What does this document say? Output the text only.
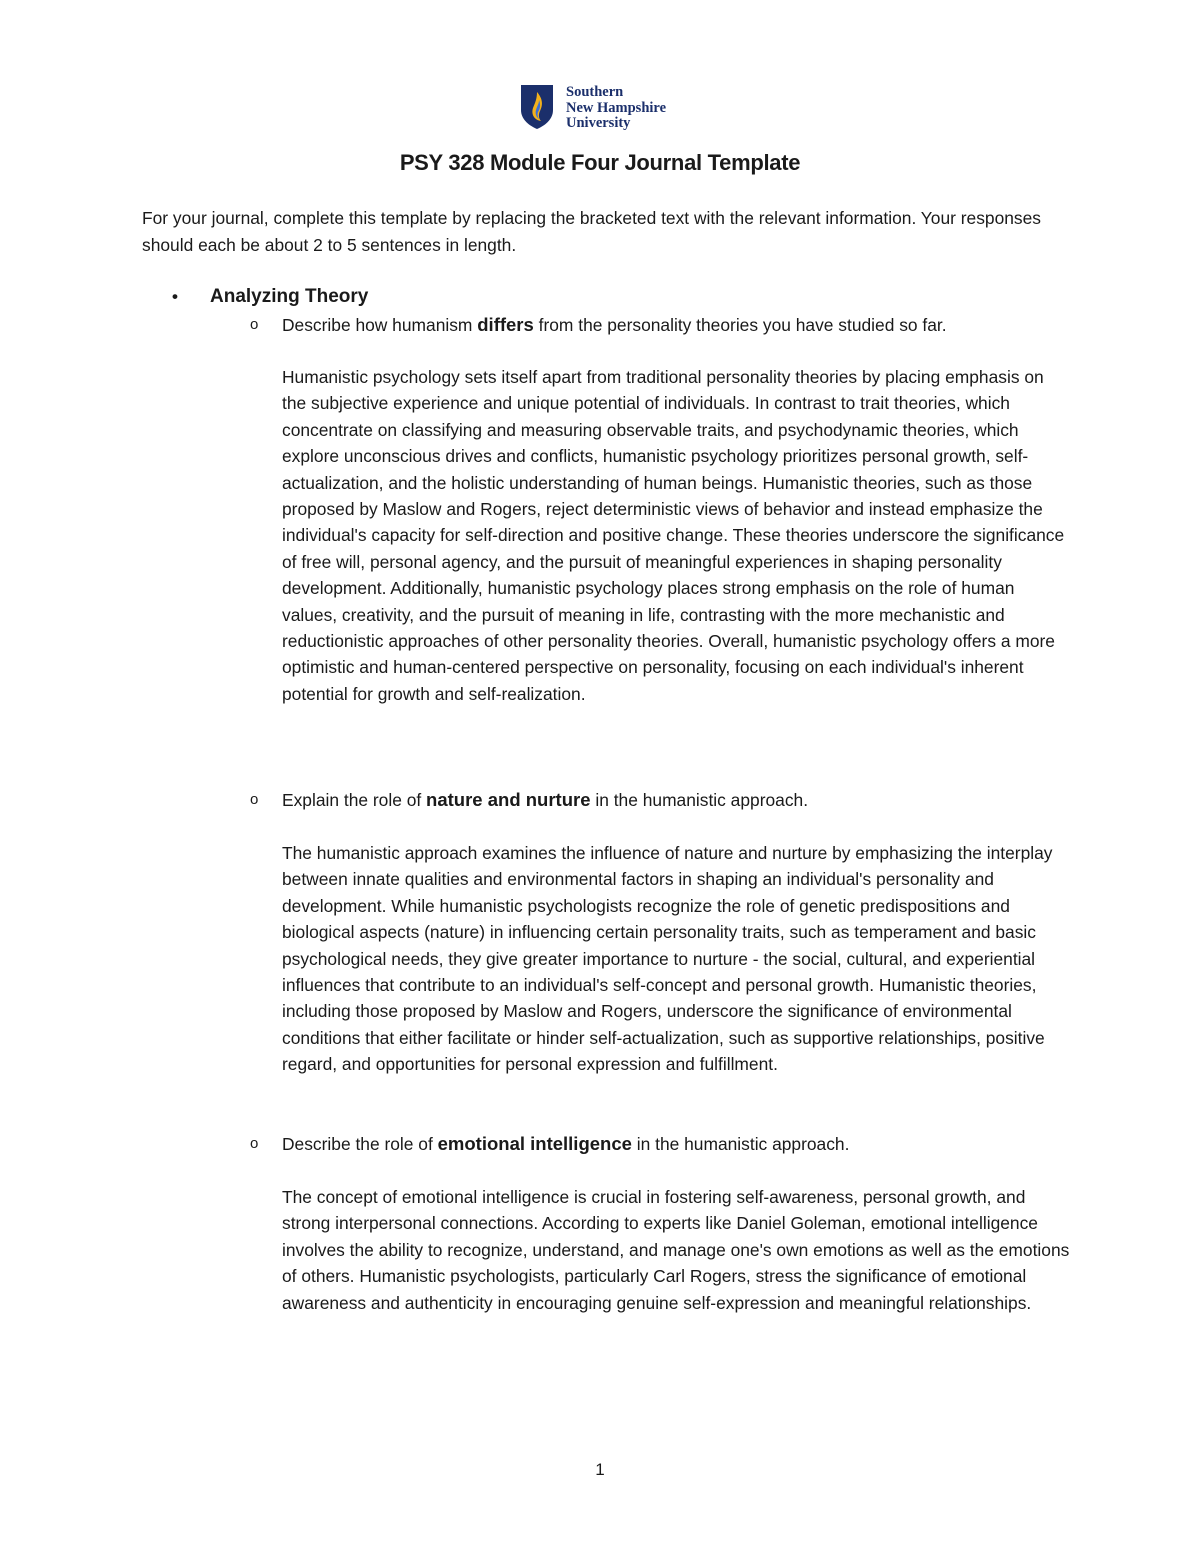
Southern
New Hampshire
University
PSY 328 Module Four Journal Template

For your journal, complete this template by replacing the bracketed text with the relevant information. Your responses should each be about 2 to 5 sentences in length.

• Analyzing Theory
o Describe how humanism differs from the personality theories you have studied so far.

Humanistic psychology sets itself apart from traditional personality theories by placing emphasis on the subjective experience and unique potential of individuals. In contrast to trait theories, which concentrate on classifying and measuring observable traits, and psychodynamic theories, which explore unconscious drives and conflicts, humanistic psychology prioritizes personal growth, self-actualization, and the holistic understanding of human beings. Humanistic theories, such as those proposed by Maslow and Rogers, reject deterministic views of behavior and instead emphasize the individual's capacity for self-direction and positive change. These theories underscore the significance of free will, personal agency, and the pursuit of meaningful experiences in shaping personality development. Additionally, humanistic psychology places strong emphasis on the role of human values, creativity, and the pursuit of meaning in life, contrasting with the more mechanistic and reductionistic approaches of other personality theories. Overall, humanistic psychology offers a more optimistic and human-centered perspective on personality, focusing on each individual's inherent potential for growth and self-realization.

o Explain the role of nature and nurture in the humanistic approach.

The humanistic approach examines the influence of nature and nurture by emphasizing the interplay between innate qualities and environmental factors in shaping an individual's personality and development. While humanistic psychologists recognize the role of genetic predispositions and biological aspects (nature) in influencing certain personality traits, such as temperament and basic psychological needs, they give greater importance to nurture - the social, cultural, and experiential influences that contribute to an individual's self-concept and personal growth. Humanistic theories, including those proposed by Maslow and Rogers, underscore the significance of environmental conditions that either facilitate or hinder self-actualization, such as supportive relationships, positive regard, and opportunities for personal expression and fulfillment.

o Describe the role of emotional intelligence in the humanistic approach.

The concept of emotional intelligence is crucial in fostering self-awareness, personal growth, and strong interpersonal connections. According to experts like Daniel Goleman, emotional intelligence involves the ability to recognize, understand, and manage one's own emotions as well as the emotions of others. Humanistic psychologists, particularly Carl Rogers, stress the significance of emotional awareness and authenticity in encouraging genuine self-expression and meaningful relationships.

1
